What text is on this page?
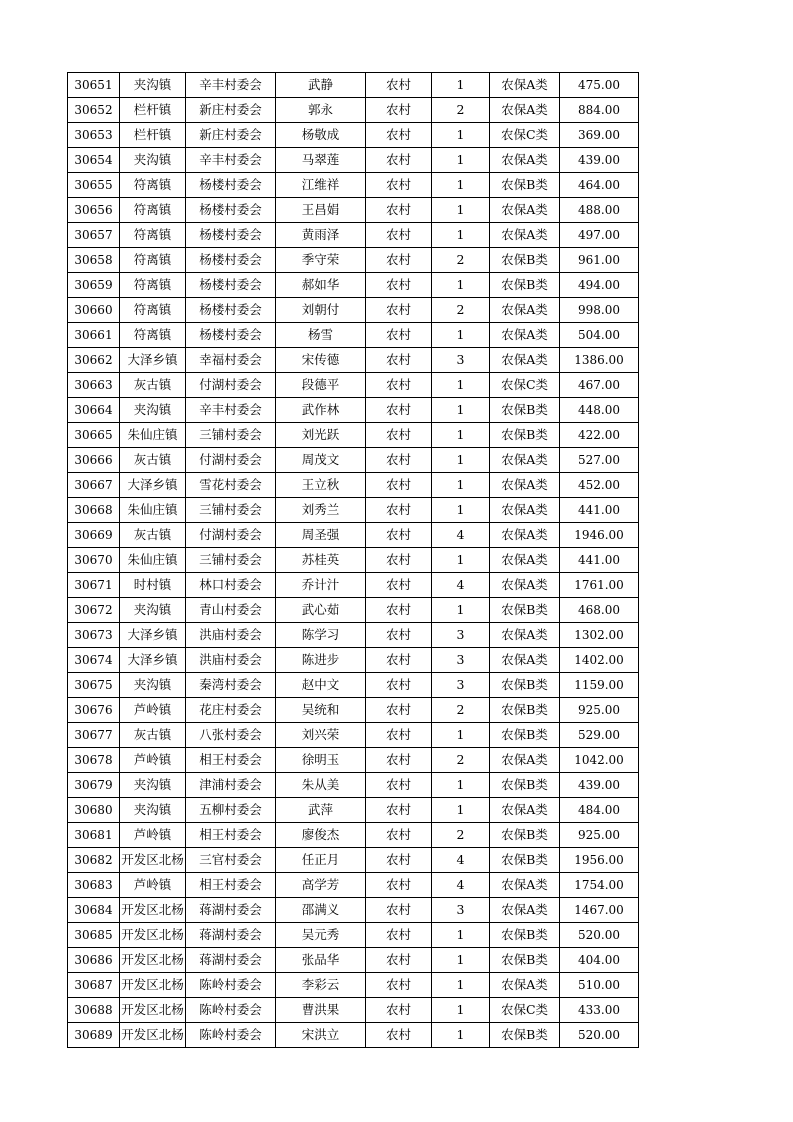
30651	夹沟镇	辛丰村委会	武静	农村	1	农保A类	475.00
30652	栏杆镇	新庄村委会	郭永	农村	2	农保A类	884.00
30653	栏杆镇	新庄村委会	杨敬成	农村	1	农保C类	369.00
30654	夹沟镇	辛丰村委会	马翠莲	农村	1	农保A类	439.00
30655	符离镇	杨楼村委会	江维祥	农村	1	农保B类	464.00
30656	符离镇	杨楼村委会	王昌娟	农村	1	农保A类	488.00
30657	符离镇	杨楼村委会	黄雨泽	农村	1	农保A类	497.00
30658	符离镇	杨楼村委会	季守荣	农村	2	农保B类	961.00
30659	符离镇	杨楼村委会	郝如华	农村	1	农保B类	494.00
30660	符离镇	杨楼村委会	刘朝付	农村	2	农保A类	998.00
30661	符离镇	杨楼村委会	杨雪	农村	1	农保A类	504.00
30662	大泽乡镇	幸福村委会	宋传德	农村	3	农保A类	1386.00
30663	灰古镇	付湖村委会	段德平	农村	1	农保C类	467.00
30664	夹沟镇	辛丰村委会	武作林	农村	1	农保B类	448.00
30665	朱仙庄镇	三铺村委会	刘光跃	农村	1	农保B类	422.00
30666	灰古镇	付湖村委会	周茂文	农村	1	农保A类	527.00
30667	大泽乡镇	雪花村委会	王立秋	农村	1	农保A类	452.00
30668	朱仙庄镇	三铺村委会	刘秀兰	农村	1	农保A类	441.00
30669	灰古镇	付湖村委会	周圣强	农村	4	农保A类	1946.00
30670	朱仙庄镇	三铺村委会	苏桂英	农村	1	农保A类	441.00
30671	时村镇	林口村委会	乔计汁	农村	4	农保A类	1761.00
30672	夹沟镇	青山村委会	武心茹	农村	1	农保B类	468.00
30673	大泽乡镇	洪庙村委会	陈学习	农村	3	农保A类	1302.00
30674	大泽乡镇	洪庙村委会	陈进步	农村	3	农保A类	1402.00
30675	夹沟镇	秦湾村委会	赵中文	农村	3	农保B类	1159.00
30676	芦岭镇	花庄村委会	吴统和	农村	2	农保B类	925.00
30677	灰古镇	八张村委会	刘兴荣	农村	1	农保B类	529.00
30678	芦岭镇	相王村委会	徐明玉	农村	2	农保A类	1042.00
30679	夹沟镇	津浦村委会	朱从美	农村	1	农保B类	439.00
30680	夹沟镇	五柳村委会	武萍	农村	1	农保A类	484.00
30681	芦岭镇	相王村委会	廖俊杰	农村	2	农保B类	925.00
30682	开发区北杨	三官村委会	任正月	农村	4	农保B类	1956.00
30683	芦岭镇	相王村委会	高学芳	农村	4	农保A类	1754.00
30684	开发区北杨	蒋湖村委会	邵满义	农村	3	农保A类	1467.00
30685	开发区北杨	蒋湖村委会	吴元秀	农村	1	农保B类	520.00
30686	开发区北杨	蒋湖村委会	张品华	农村	1	农保B类	404.00
30687	开发区北杨	陈岭村委会	李彩云	农村	1	农保A类	510.00
30688	开发区北杨	陈岭村委会	曹洪果	农村	1	农保C类	433.00
30689	开发区北杨	陈岭村委会	宋洪立	农村	1	农保B类	520.00
